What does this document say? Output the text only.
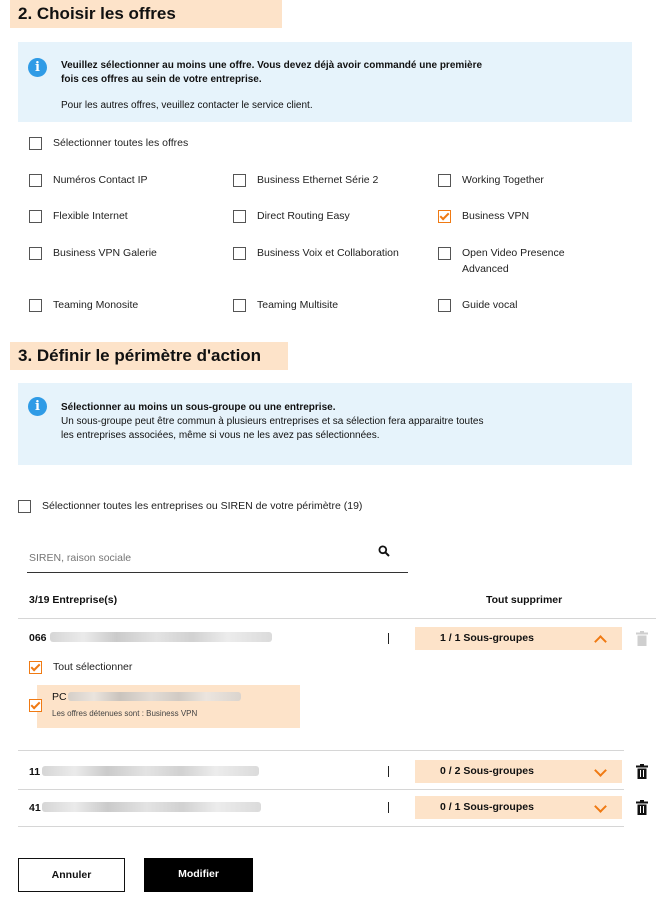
2. Choisir les offres
i	Veuillez sélectionner au moins une offre. Vous devez déjà avoir commandé une première
fois ces offres au sein de votre entreprise.
Pour les autres offres, veuillez contacter le service client.
Sélectionner toutes les offres
Numéros Contact IP	Business Ethernet Série 2	Working Together
Flexible Internet	Direct Routing Easy	Business VPN
Business VPN Galerie	Business Voix et Collaboration	Open Video Presence
Advanced
Teaming Monosite	Teaming Multisite	Guide vocal
3. Définir le périmètre d'action
i	Sélectionner au moins un sous-groupe ou une entreprise.
Un sous-groupe peut être commun à plusieurs entreprises et sa sélection fera apparaitre toutes
les entreprises associées, même si vous ne les avez pas sélectionnées.
Sélectionner toutes les entreprises ou SIREN de votre périmètre (19)
SIREN, raison sociale
3/19 Entreprise(s)	Tout supprimer
066	1 / 1 Sous-groupes
Tout sélectionner
PC
Les offres détenues sont : Business VPN
11	0 / 2 Sous-groupes
41	0 / 1 Sous-groupes
Annuler	Modifier
